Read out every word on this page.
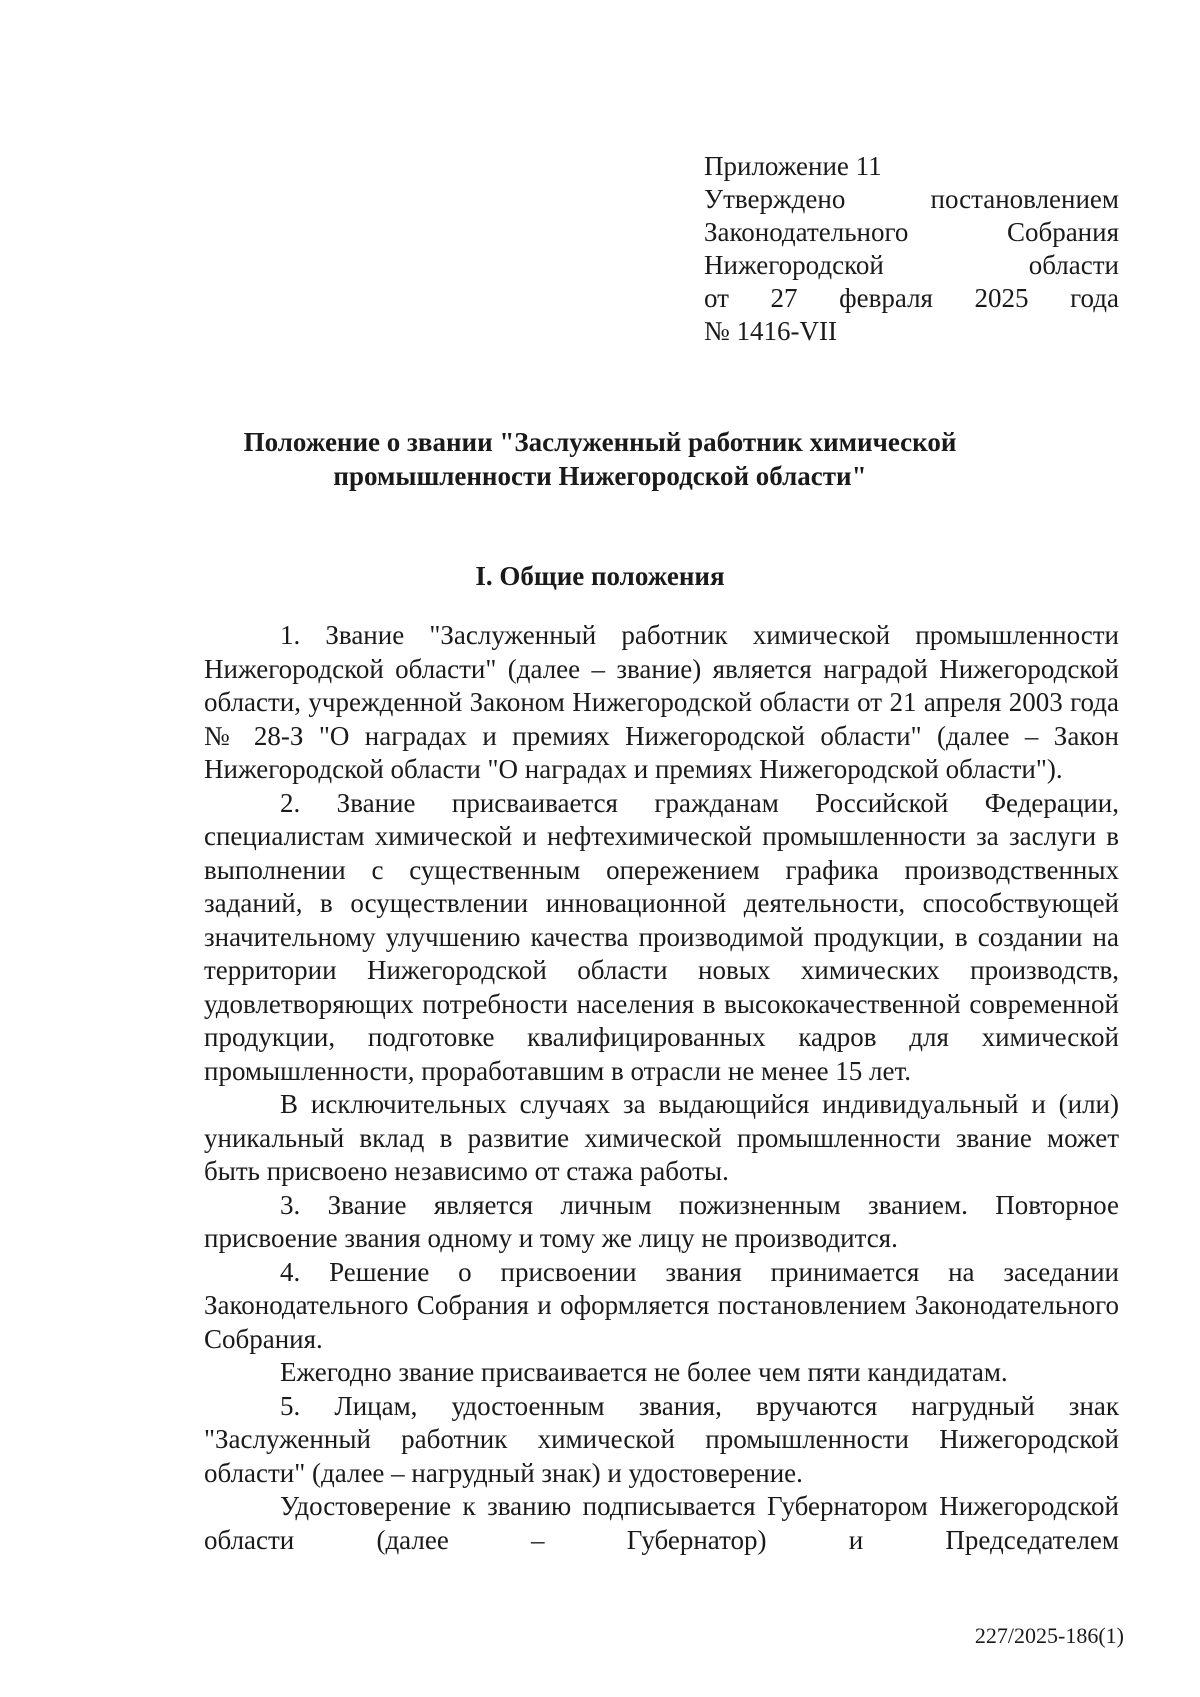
Приложение 11
Утверждено постановлением
Законодательного Собрания
Нижегородской области
от 27 февраля 2025 года
№ 1416-VII
Положение о звании "Заслуженный работник химической
промышленности Нижегородской области"
I. Общие положения

1. Звание "Заслуженный работник химической промышленности Нижегородской области" (далее – звание) является наградой Нижегородской области, учрежденной Законом Нижегородской области от 21 апреля 2003 года № 28-З "О наградах и премиях Нижегородской области" (далее – Закон Нижегородской области "О наградах и премиях Нижегородской области").

2. Звание присваивается гражданам Российской Федерации, специалистам химической и нефтехимической промышленности за заслуги в выполнении с существенным опережением графика производственных заданий, в осуществлении инновационной деятельности, способствующей значительному улучшению качества производимой продукции, в создании на территории Нижегородской области новых химических производств, удовлетворяющих потребности населения в высококачественной современной продукции, подготовке квалифицированных кадров для химической промышленности, проработавшим в отрасли не менее 15 лет.

В исключительных случаях за выдающийся индивидуальный и (или) уникальный вклад в развитие химической промышленности звание может быть присвоено независимо от стажа работы.

3. Звание является личным пожизненным званием. Повторное присвоение звания одному и тому же лицу не производится.

4. Решение о присвоении звания принимается на заседании Законодательного Собрания и оформляется постановлением Законодательного Собрания.

Ежегодно звание присваивается не более чем пяти кандидатам.

5. Лицам, удостоенным звания, вручаются нагрудный знак "Заслуженный работник химической промышленности Нижегородской области" (далее – нагрудный знак) и удостоверение.

Удостоверение к званию подписывается Губернатором Нижегородской области (далее – Губернатор) и Председателем

227/2025-186(1)
